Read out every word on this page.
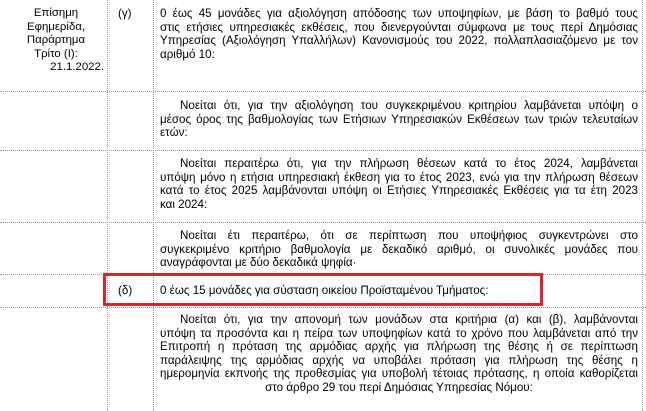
Επίσημη
Εφημερίδα,
Παράρτημα
Τρίτο (Ι):
21.1.2022.
(γ) 0 έως 45 μονάδες για αξιολόγηση απόδοσης των υποψηφίων, με βάση το βαθμό τους
στις ετήσιες υπηρεσιακές εκθέσεις, που διενεργούνται σύμφωνα με τους περί Δημόσιας
Υπηρεσίας (Αξιολόγηση Υπαλλήλων) Κανονισμούς του 2022, πολλαπλασιαζόμενο με τον
αριθμό 10:
Νοείται ότι, για την αξιολόγηση του συγκεκριμένου κριτηρίου λαμβάνεται υπόψη ο
μέσος όρος της βαθμολογίας των Ετήσιων Υπηρεσιακών Εκθέσεων των τριών τελευταίων
ετών:
Νοείται περαιτέρω ότι, για την πλήρωση θέσεων κατά το έτος 2024, λαμβάνεται
υπόψη μόνο η ετήσια υπηρεσιακή έκθεση για το έτος 2023, ενώ για την πλήρωση θέσεων
κατά το έτος 2025 λαμβάνονται υπόψη οι Ετήσιες Υπηρεσιακές Εκθέσεις για τα έτη 2023
και 2024:
Νοείται έτι περαιτέρω, ότι σε περίπτωση που υποψήφιος συγκεντρώνει στο
συγκεκριμένο κριτήριο βαθμολογία με δεκαδικό αριθμό, οι συνολικές μονάδες που
αναγράφονται με δύο δεκαδικά ψηφία·
(δ) 0 έως 15 μονάδες για σύσταση οικείου Προϊσταμένου Τμήματος:
Νοείται ότι, για την απονομή των μονάδων στα κριτήρια (α) και (β), λαμβάνονται
υπόψη τα προσόντα και η πείρα των υποψηφίων κατά το χρόνο που λαμβάνεται από την
Επιτροπή η πρόταση της αρμόδιας αρχής για πλήρωση της θέσης ή σε περίπτωση
παράλειψης της αρμόδιας αρχής να υποβάλει πρόταση για πλήρωση της θέσης η
ημερομηνία εκπνοής της προθεσμίας για υποβολή τέτοιας πρότασης, η οποία καθορίζεται
στο άρθρο 29 του περί Δημόσιας Υπηρεσίας Νόμου:
